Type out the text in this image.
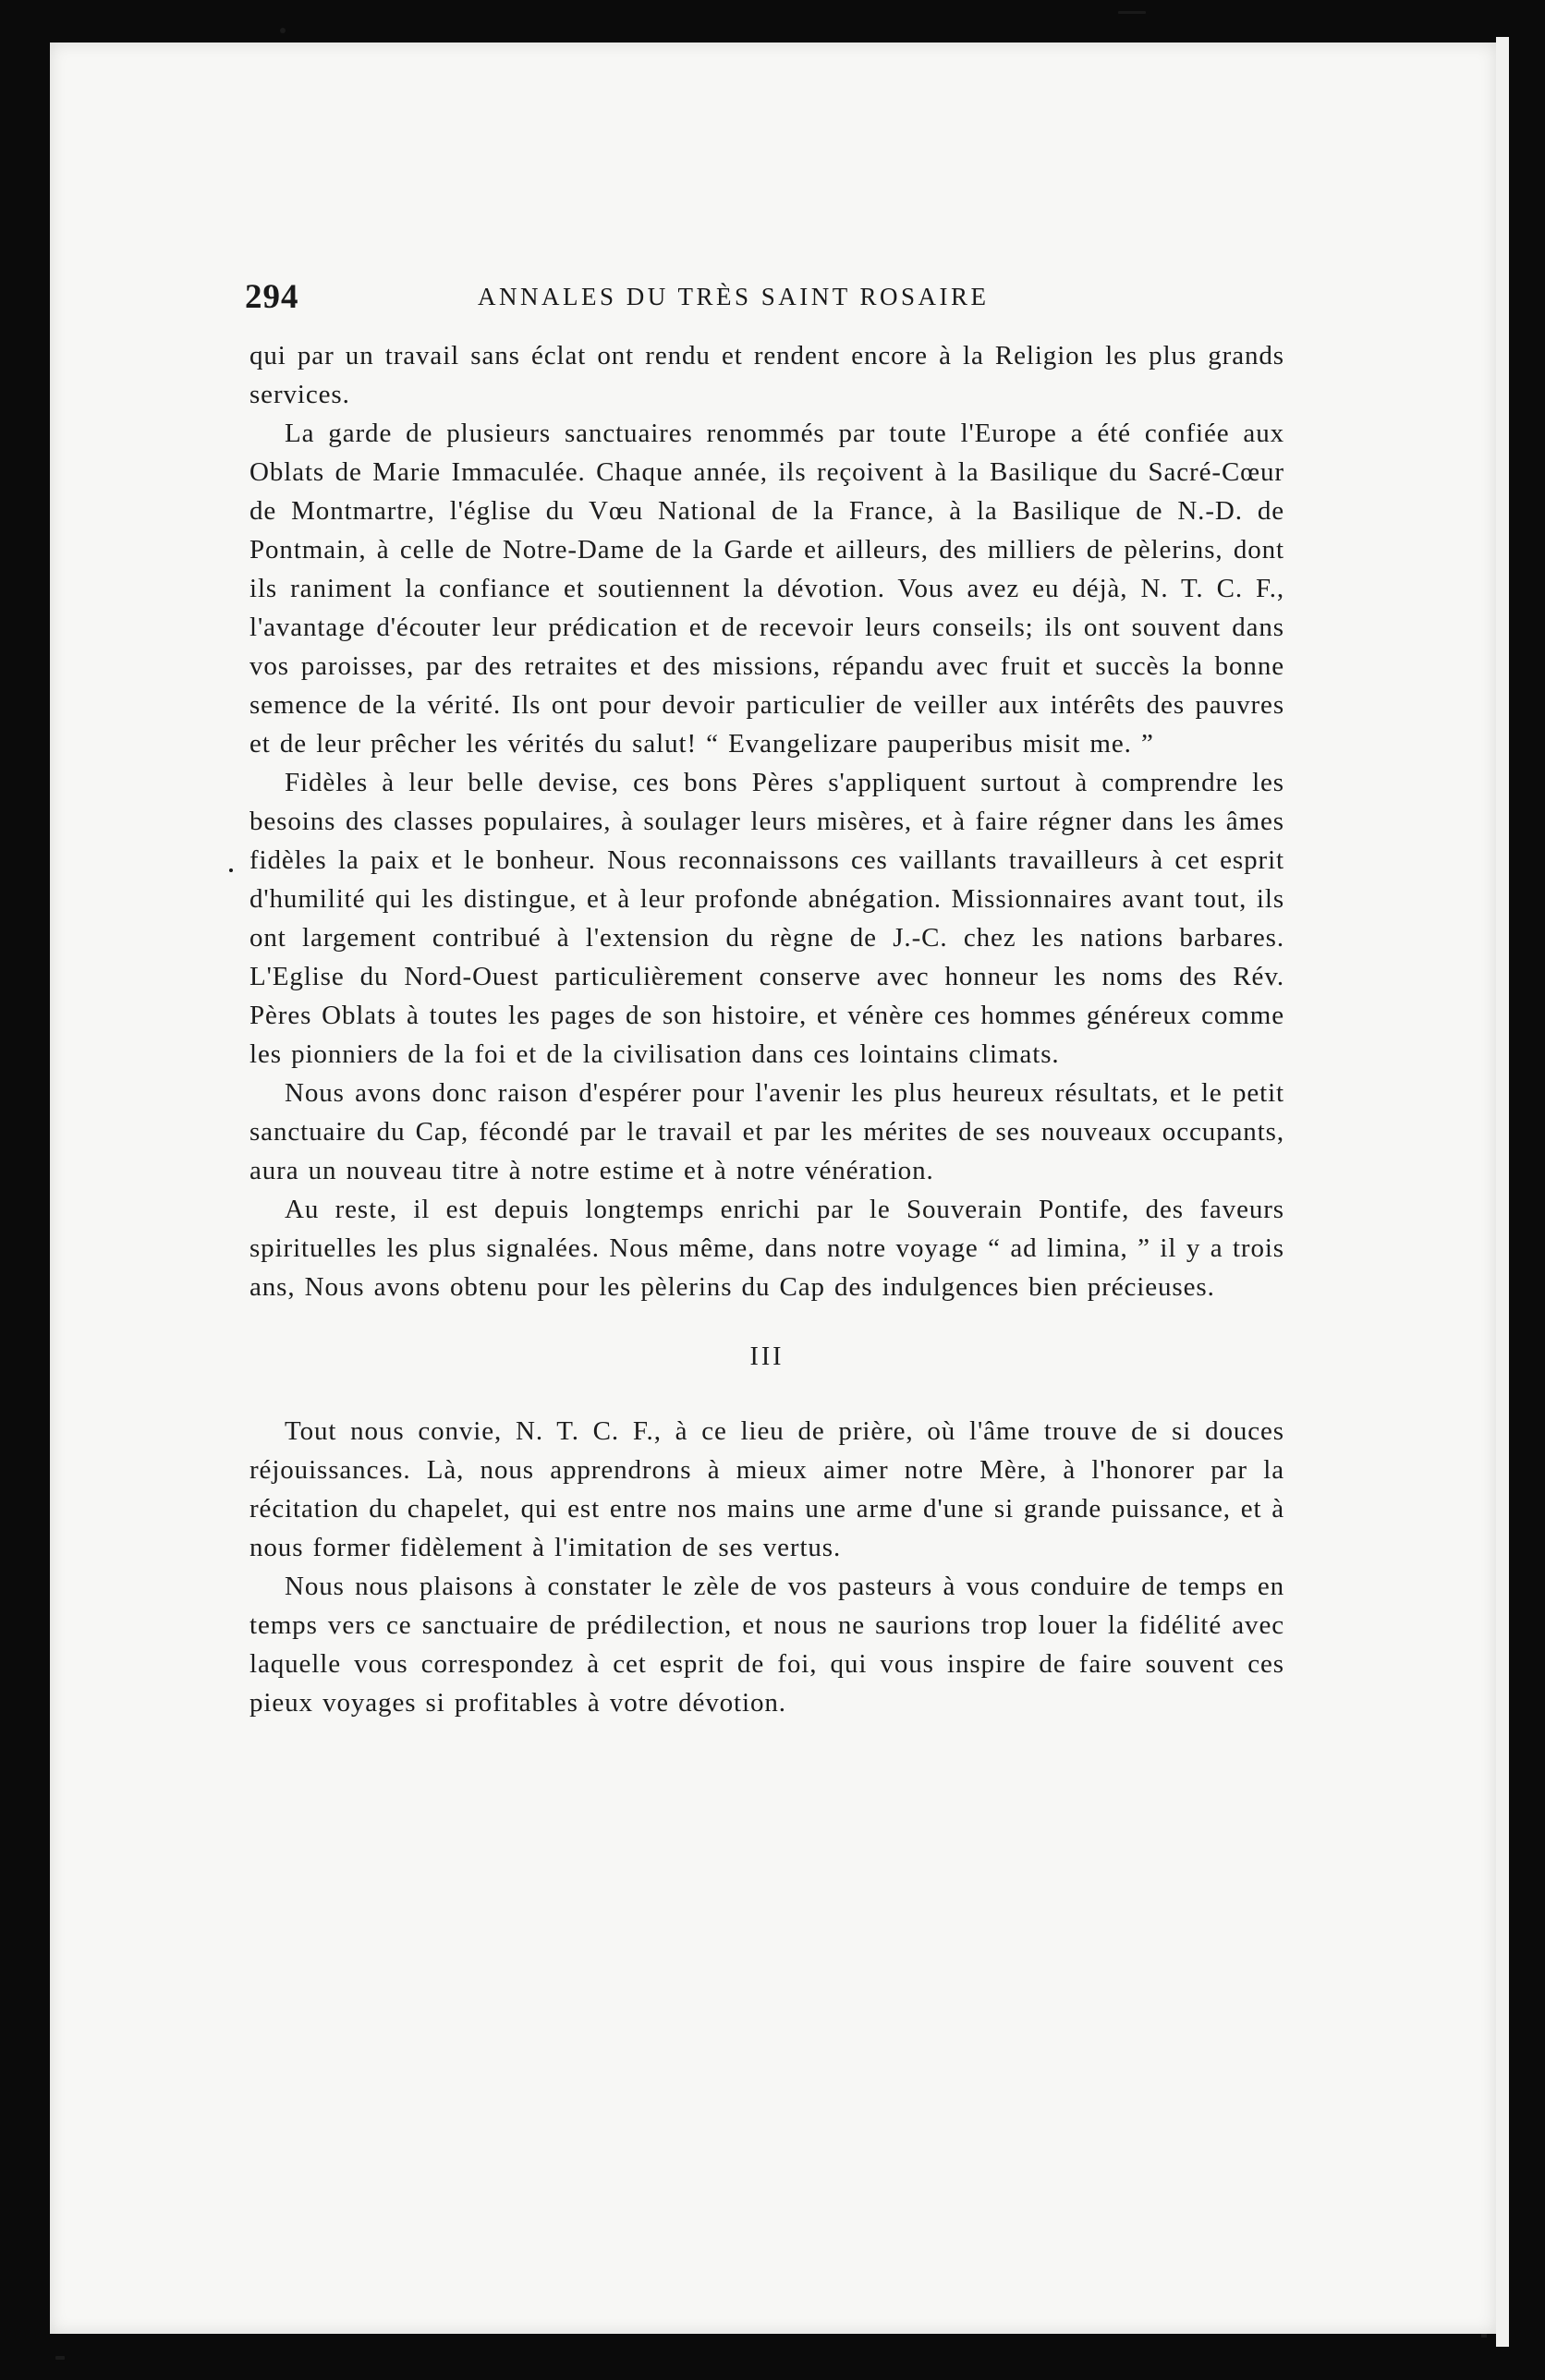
294	ANNALES DU TRÈS SAINT ROSAIRE

qui par un travail sans éclat ont rendu et rendent encore à la Religion les plus grands services.

La garde de plusieurs sanctuaires renommés par toute l'Europe a été confiée aux Oblats de Marie Immaculée. Chaque année, ils reçoivent à la Basilique du Sacré-Cœur de Montmartre, l'église du Vœu National de la France, à la Basilique de N.-D. de Pontmain, à celle de Notre-Dame de la Garde et ailleurs, des milliers de pèlerins, dont ils raniment la confiance et soutiennent la dévotion. Vous avez eu déjà, N. T. C. F., l'avantage d'écouter leur prédication et de recevoir leurs conseils; ils ont souvent dans vos paroisses, par des retraites et des missions, répandu avec fruit et succès la bonne semence de la vérité. Ils ont pour devoir particulier de veiller aux intérêts des pauvres et de leur prêcher les vérités du salut! “ Evangelizare pauperibus misit me. ”

Fidèles à leur belle devise, ces bons Pères s'appliquent surtout à comprendre les besoins des classes populaires, à soulager leurs misères, et à faire régner dans les âmes fidèles la paix et le bonheur. Nous reconnaissons ces vaillants travailleurs à cet esprit d'humilité qui les distingue, et à leur profonde abnégation. Missionnaires avant tout, ils ont largement contribué à l'extension du règne de J.-C. chez les nations barbares. L'Eglise du Nord-Ouest particulièrement conserve avec honneur les noms des Rév. Pères Oblats à toutes les pages de son histoire, et vénère ces hommes généreux comme les pionniers de la foi et de la civilisation dans ces lointains climats.

Nous avons donc raison d'espérer pour l'avenir les plus heureux résultats, et le petit sanctuaire du Cap, fécondé par le travail et par les mérites de ses nouveaux occupants, aura un nouveau titre à notre estime et à notre vénération.

Au reste, il est depuis longtemps enrichi par le Souverain Pontife, des faveurs spirituelles les plus signalées. Nous même, dans notre voyage “ ad limina, ” il y a trois ans, Nous avons obtenu pour les pèlerins du Cap des indulgences bien précieuses.

III

Tout nous convie, N. T. C. F., à ce lieu de prière, où l'âme trouve de si douces réjouissances. Là, nous apprendrons à mieux aimer notre Mère, à l'honorer par la récitation du chapelet, qui est entre nos mains une arme d'une si grande puissance, et à nous former fidèlement à l'imitation de ses vertus.

Nous nous plaisons à constater le zèle de vos pasteurs à vous conduire de temps en temps vers ce sanctuaire de prédilection, et nous ne saurions trop louer la fidélité avec laquelle vous correspondez à cet esprit de foi, qui vous inspire de faire souvent ces pieux voyages si profitables à votre dévotion.
